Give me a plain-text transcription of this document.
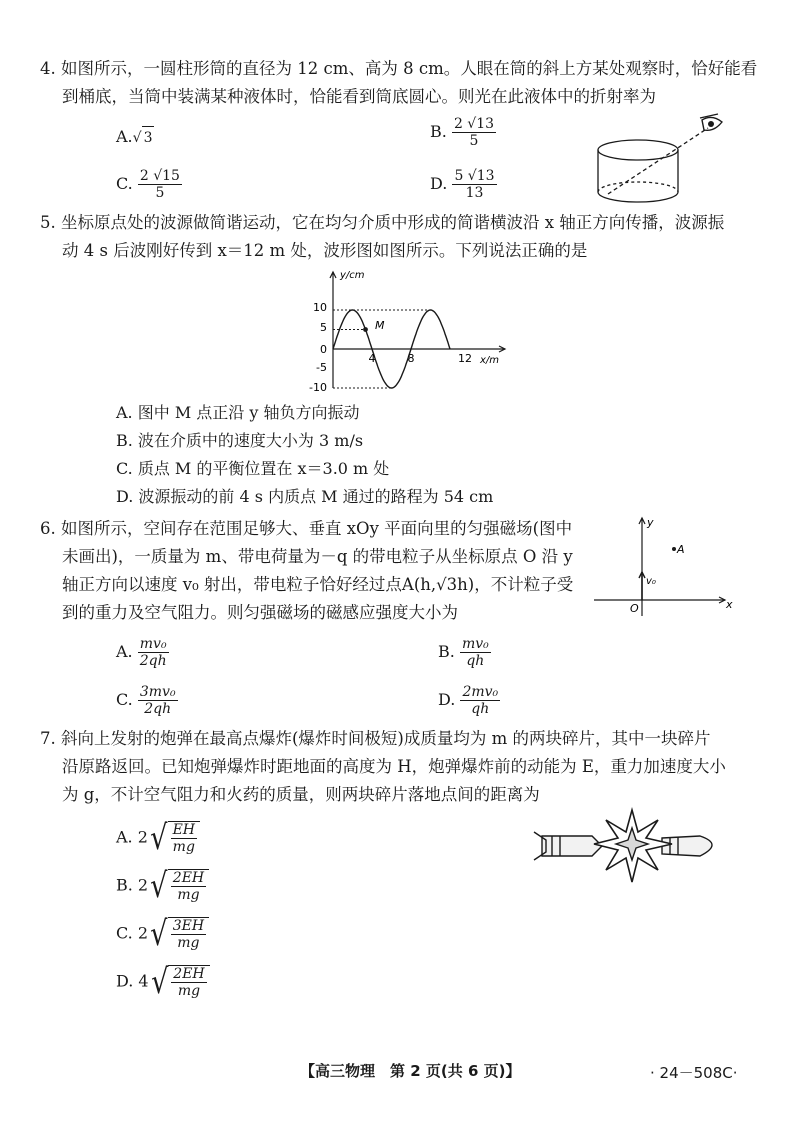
4. 如图所示，一圆柱形筒的直径为 12 cm、高为 8 cm。人眼在筒的斜上方某处观察时，恰好能看
到桶底，当筒中装满某种液体时，恰能看到筒底圆心。则光在此液体中的折射率为
A.√ 3	B. $\frac{2 √13}{5}$
C. $\frac{2 √15}{5}$	D. $\frac{5 √13}{13}$
5. 坐标原点处的波源做简谐运动，它在均匀介质中形成的简谐横波沿 x 轴正方向传播，波源振
动 4 s 后波刚好传到 x＝12 m 处，波形图如图所示。下列说法正确的是
y/cm
x/m
10
5
0
-5
-10
4	8	12
M
A. 图中 M 点正沿 y 轴负方向振动
B. 波在介质中的速度大小为 3 m/s
C. 质点 M 的平衡位置在 x＝3.0 m 处
D. 波源振动的前 4 s 内质点 M 通过的路程为 54 cm
6. 如图所示，空间存在范围足够大、垂直 xOy 平面向里的匀强磁场(图中
未画出)，一质量为 m、带电荷量为－q 的带电粒子从坐标原点 O 沿 y
轴正方向以速度 v₀ 射出，带电粒子恰好经过点A(h,√3h)，不计粒子受
到的重力及空气阻力。则匀强磁场的磁感应强度大小为
A
y
x
O
v₀
A. $\frac{\text{mv₀}}{2qh}$	B. $\frac{\text{mv₀}}{qh}$
C. $\frac{\text{3mv₀}}{2qh}$	D. $\frac{\text{2mv₀}}{qh}$
7. 斜向上发射的炮弹在最高点爆炸(爆炸时间极短)成质量均为 m 的两块碎片，其中一块碎片
沿原路返回。已知炮弹爆炸时距地面的高度为 H，炮弹爆炸前的动能为 E，重力加速度大小
为 g，不计空气阻力和火药的质量，则两块碎片落地点间的距离为
A. 2 √ $\frac{EH}{mg}$
B. 2 √ $\frac{2EH}{mg}$
C. 2 √ $\frac{3EH}{mg}$
D. 4 √ $\frac{2EH}{mg}$
【高三物理　第 2 页(共 6 页)】	· 24－508C·
